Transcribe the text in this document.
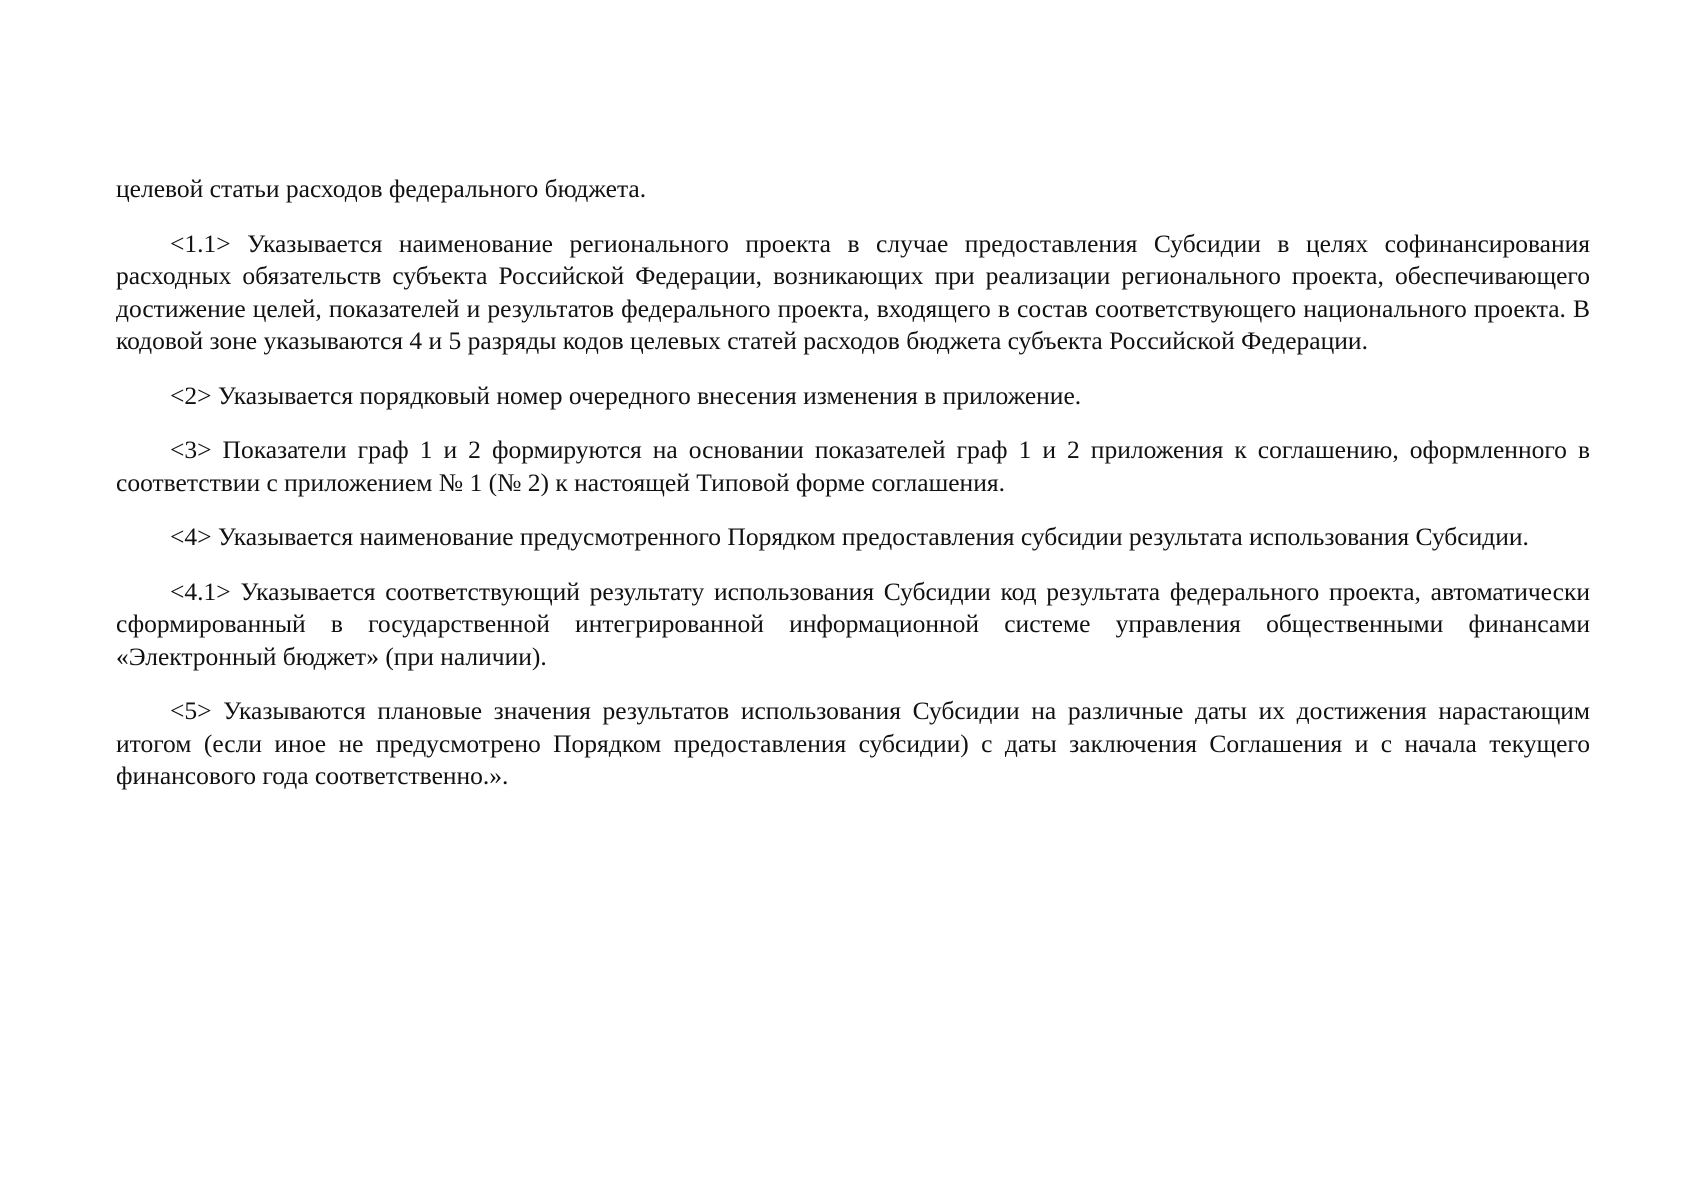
целевой статьи расходов федерального бюджета.

<1.1> Указывается наименование регионального проекта в случае предоставления Субсидии в целях софинансирования расходных обязательств субъекта Российской Федерации, возникающих при реализации регионального проекта, обеспечивающего достижение целей, показателей и результатов федерального проекта, входящего в состав соответствующего национального проекта. В кодовой зоне указываются 4 и 5 разряды кодов целевых статей расходов бюджета субъекта Российской Федерации.

<2> Указывается порядковый номер очередного внесения изменения в приложение.

<3> Показатели граф 1 и 2 формируются на основании показателей граф 1 и 2 приложения к соглашению, оформленного в соответствии с приложением № 1 (№ 2) к настоящей Типовой форме соглашения.

<4> Указывается наименование предусмотренного Порядком предоставления субсидии результата использования Субсидии.

<4.1> Указывается соответствующий результату использования Субсидии код результата федерального проекта, автоматически сформированный в государственной интегрированной информационной системе управления общественными финансами «Электронный бюджет» (при наличии).

<5> Указываются плановые значения результатов использования Субсидии на различные даты их достижения нарастающим итогом (если иное не предусмотрено Порядком предоставления субсидии) с даты заключения Соглашения и с начала текущего финансового года соответственно.».
